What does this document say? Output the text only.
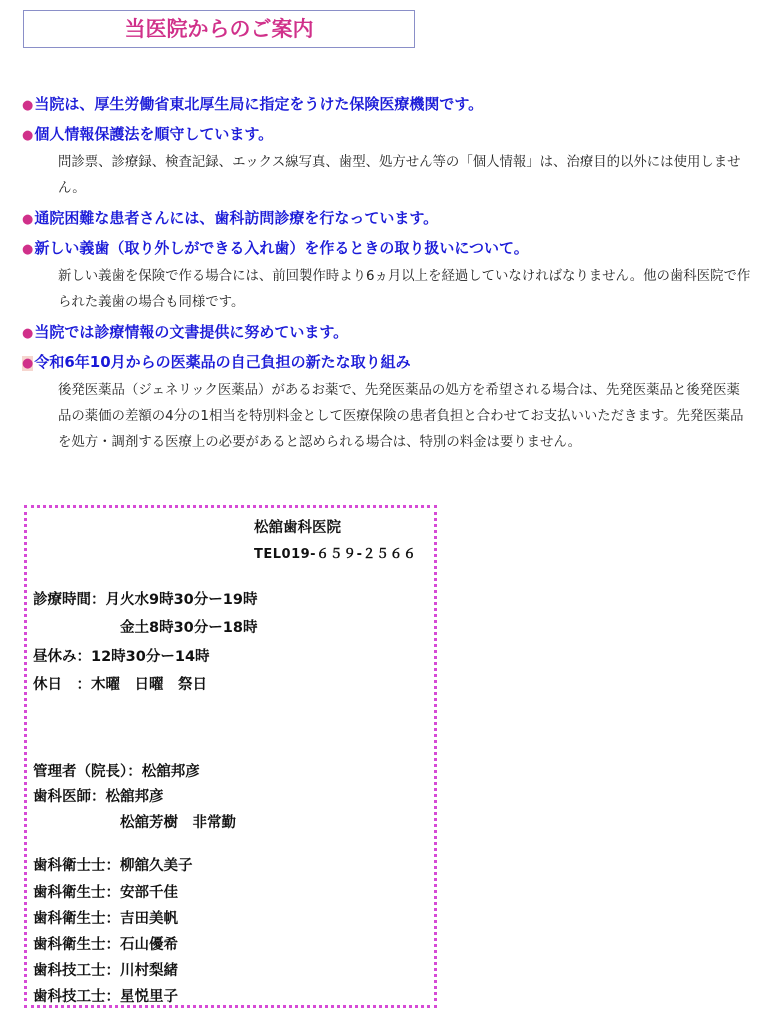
当医院からのご案内
●当院は、厚生労働省東北厚生局に指定をうけた保険医療機関です。
●個人情報保護法を順守しています。

問診票、診療録、検査記録、エックス線写真、歯型、処方せん等の「個人情報」は、治療目的以外には使用しません。

●通院困難な患者さんには、歯科訪問診療を行なっています。
●新しい義歯（取り外しができる入れ歯）を作るときの取り扱いについて。

新しい義歯を保険で作る場合には、前回製作時より6ヵ月以上を経過していなければなりません。他の歯科医院で作られた義歯の場合も同様です。

●当院では診療情報の文書提供に努めています。
●令和6年10月からの医薬品の自己負担の新たな取り組み

後発医薬品（ジェネリック医薬品）があるお薬で、先発医薬品の処方を希望される場合は、先発医薬品と後発医薬品の薬価の差額の4分の1相当を特別料金として医療保険の患者負担と合わせてお支払いいただきます。先発医薬品を処方・調剤する医療上の必要があると認められる場合は、特別の料金は要りません。

松舘歯科医院
TEL019-６５９-２５６６
診療時間：月火水9時30分ー19時
金土8時30分ー18時
昼休み：12時30分ー14時
休日　：木曜　日曜　祭日
管理者（院長）：松舘邦彦
歯科医師：松舘邦彦
松舘芳樹　非常勤
歯科衛士士：柳舘久美子
歯科衛生士：安部千佳
歯科衛生士：吉田美帆
歯科衛生士：石山優希
歯科技工士：川村梨緒
歯科技工士：星悦里子
